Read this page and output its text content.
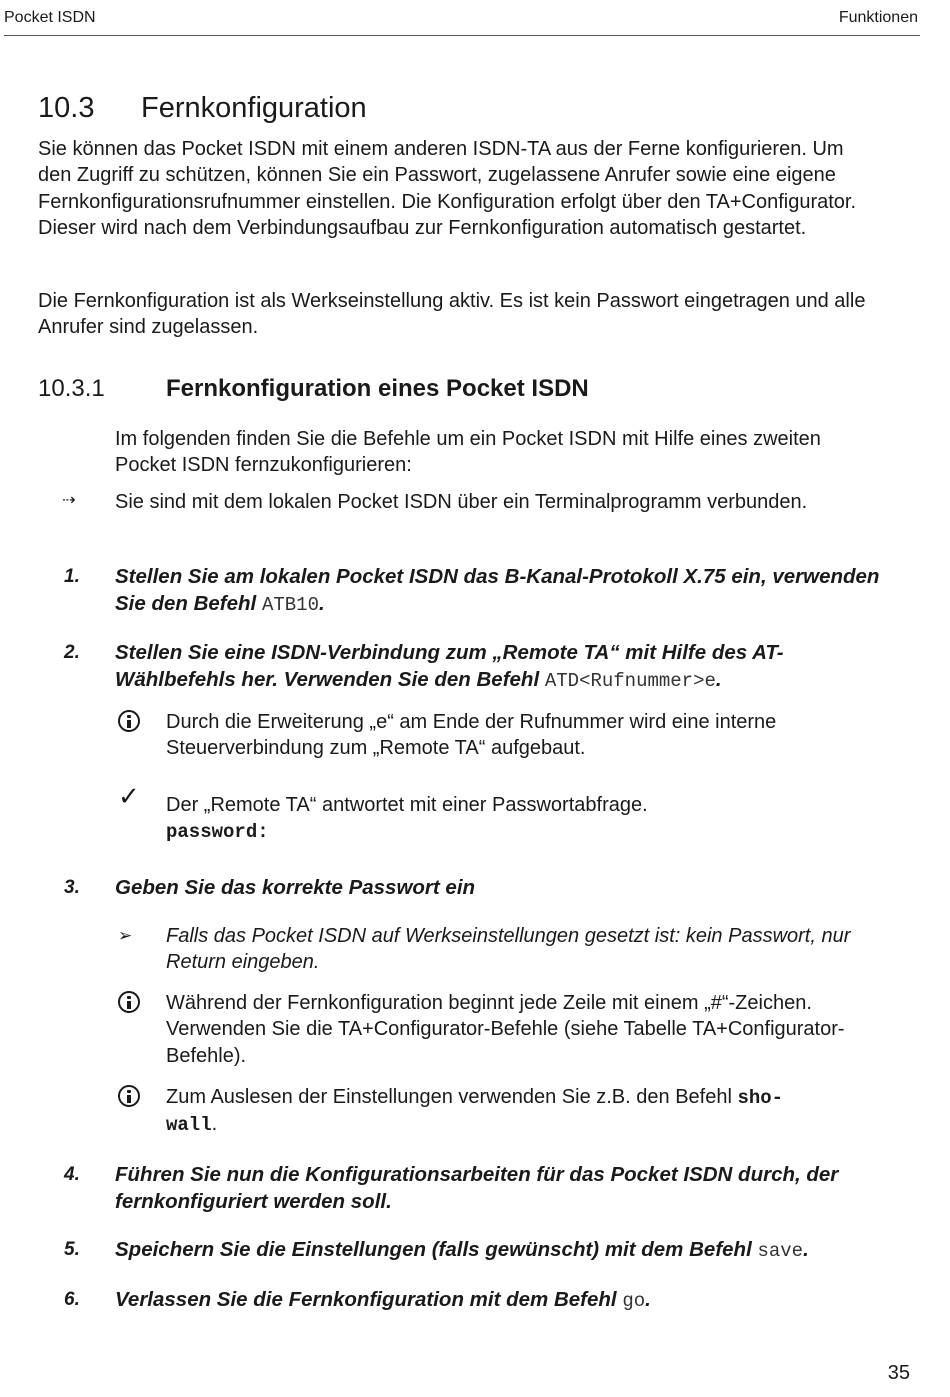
Pocket ISDN	Funktionen
10.3 Fernkonfiguration

Sie können das Pocket ISDN mit einem anderen ISDN-TA aus der Ferne konfigurieren. Um den Zugriff zu schützen, können Sie ein Passwort, zugelassene Anrufer sowie eine eigene Fernkonfigurationsrufnummer einstellen. Die Konfiguration erfolgt über den TA+Configurator. Dieser wird nach dem Verbindungsaufbau zur Fernkonfiguration automatisch gestartet.

Die Fernkonfiguration ist als Werkseinstellung aktiv. Es ist kein Passwort eingetragen und alle Anrufer sind zugelassen.

10.3.1	Fernkonfiguration eines Pocket ISDN

Im folgenden finden Sie die Befehle um ein Pocket ISDN mit Hilfe eines zweiten Pocket ISDN fernzukonfigurieren:

⇢ Sie sind mit dem lokalen Pocket ISDN über ein Terminalprogramm verbunden.

1. Stellen Sie am lokalen Pocket ISDN das B-Kanal-Protokoll X.75 ein, verwenden Sie den Befehl ATB10.

2. Stellen Sie eine ISDN-Verbindung zum „Remote TA“ mit Hilfe des AT-Wählbefehls her. Verwenden Sie den Befehl ATD<Rufnummer>e.

Durch die Erweiterung „e“ am Ende der Rufnummer wird eine interne Steuerverbindung zum „Remote TA“ aufgebaut.

✓ Der „Remote TA“ antwortet mit einer Passwortabfrage.
password:

3. Geben Sie das korrekte Passwort ein

➢ Falls das Pocket ISDN auf Werkseinstellungen gesetzt ist: kein Passwort, nur Return eingeben.

Während der Fernkonfiguration beginnt jede Zeile mit einem „#“-Zeichen. Verwenden Sie die TA+Configurator-Befehle (siehe Tabelle TA+Configurator-Befehle).

Zum Auslesen der Einstellungen verwenden Sie z.B. den Befehl sho-
wall.

4. Führen Sie nun die Konfigurationsarbeiten für das Pocket ISDN durch, der fernkonfiguriert werden soll.

5. Speichern Sie die Einstellungen (falls gewünscht) mit dem Befehl save.

6. Verlassen Sie die Fernkonfiguration mit dem Befehl go.

35
